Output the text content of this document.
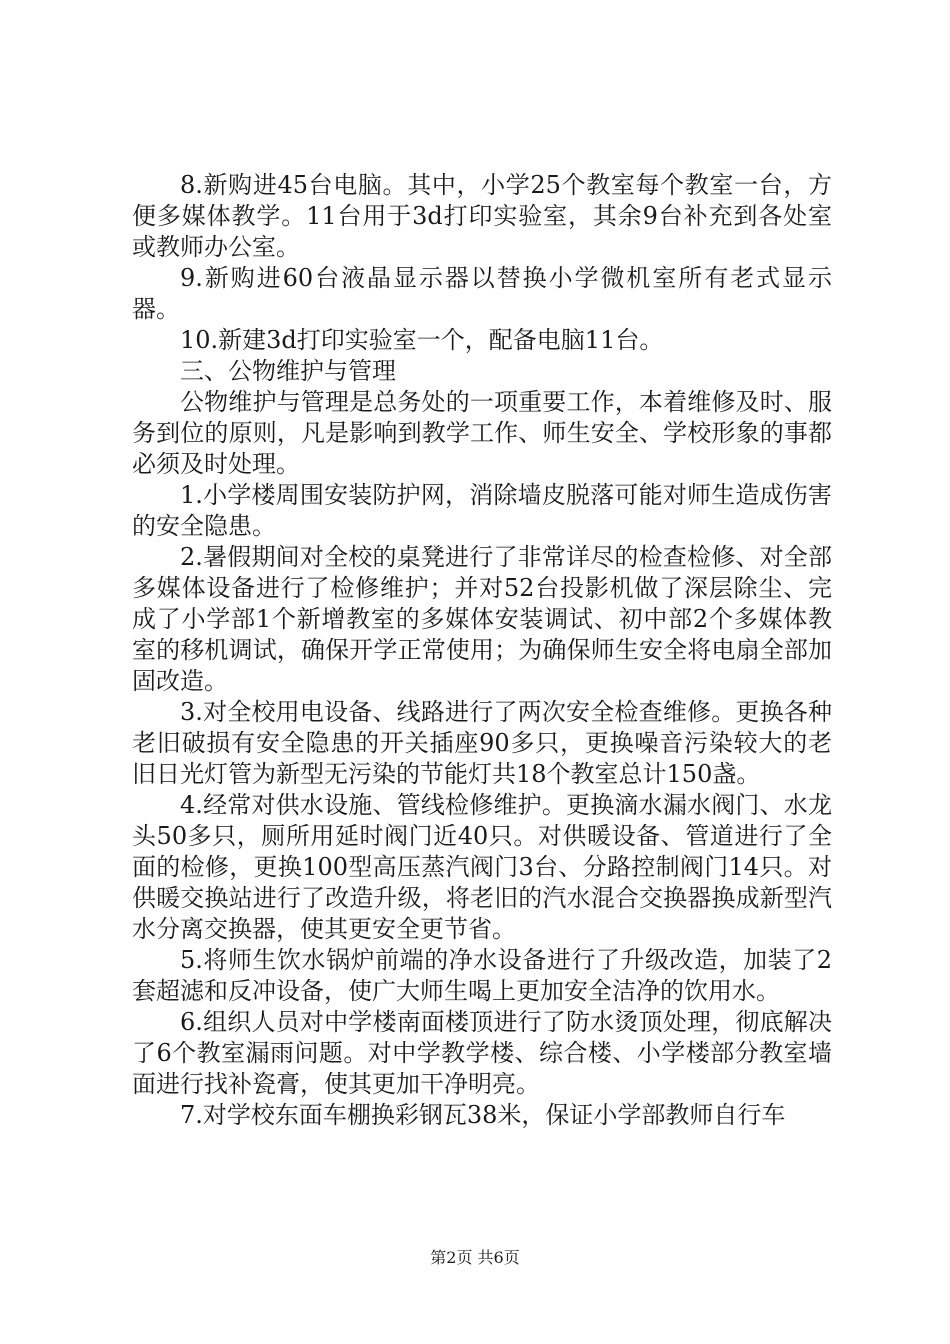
8.新购进45台电脑。其中，小学25个教室每个教室一台，方便多媒体教学。11台用于3d打印实验室，其余9台补充到各处室或教师办公室。

9.新购进60台液晶显示器以替换小学微机室所有老式显示器。

10.新建3d打印实验室一个，配备电脑11台。

三、公物维护与管理

公物维护与管理是总务处的一项重要工作，本着维修及时、服务到位的原则，凡是影响到教学工作、师生安全、学校形象的事都必须及时处理。

1.小学楼周围安装防护网，消除墙皮脱落可能对师生造成伤害的安全隐患。

2.暑假期间对全校的桌凳进行了非常详尽的检查检修、对全部多媒体设备进行了检修维护；并对52台投影机做了深层除尘、完成了小学部1个新增教室的多媒体安装调试、初中部2个多媒体教室的移机调试，确保开学正常使用；为确保师生安全将电扇全部加固改造。

3.对全校用电设备、线路进行了两次安全检查维修。更换各种老旧破损有安全隐患的开关插座90多只，更换噪音污染较大的老旧日光灯管为新型无污染的节能灯共18个教室总计150盏。

4.经常对供水设施、管线检修维护。更换滴水漏水阀门、水龙头50多只，厕所用延时阀门近40只。对供暖设备、管道进行了全面的检修，更换100型高压蒸汽阀门3台、分路控制阀门14只。对供暖交换站进行了改造升级，将老旧的汽水混合交换器换成新型汽水分离交换器，使其更安全更节省。

5.将师生饮水锅炉前端的净水设备进行了升级改造，加装了2套超滤和反冲设备，使广大师生喝上更加安全洁净的饮用水。

6.组织人员对中学楼南面楼顶进行了防水烫顶处理，彻底解决了6个教室漏雨问题。对中学教学楼、综合楼、小学楼部分教室墙面进行找补瓷膏，使其更加干净明亮。

7.对学校东面车棚换彩钢瓦38米，保证小学部教师自行车

第2页 共6页
